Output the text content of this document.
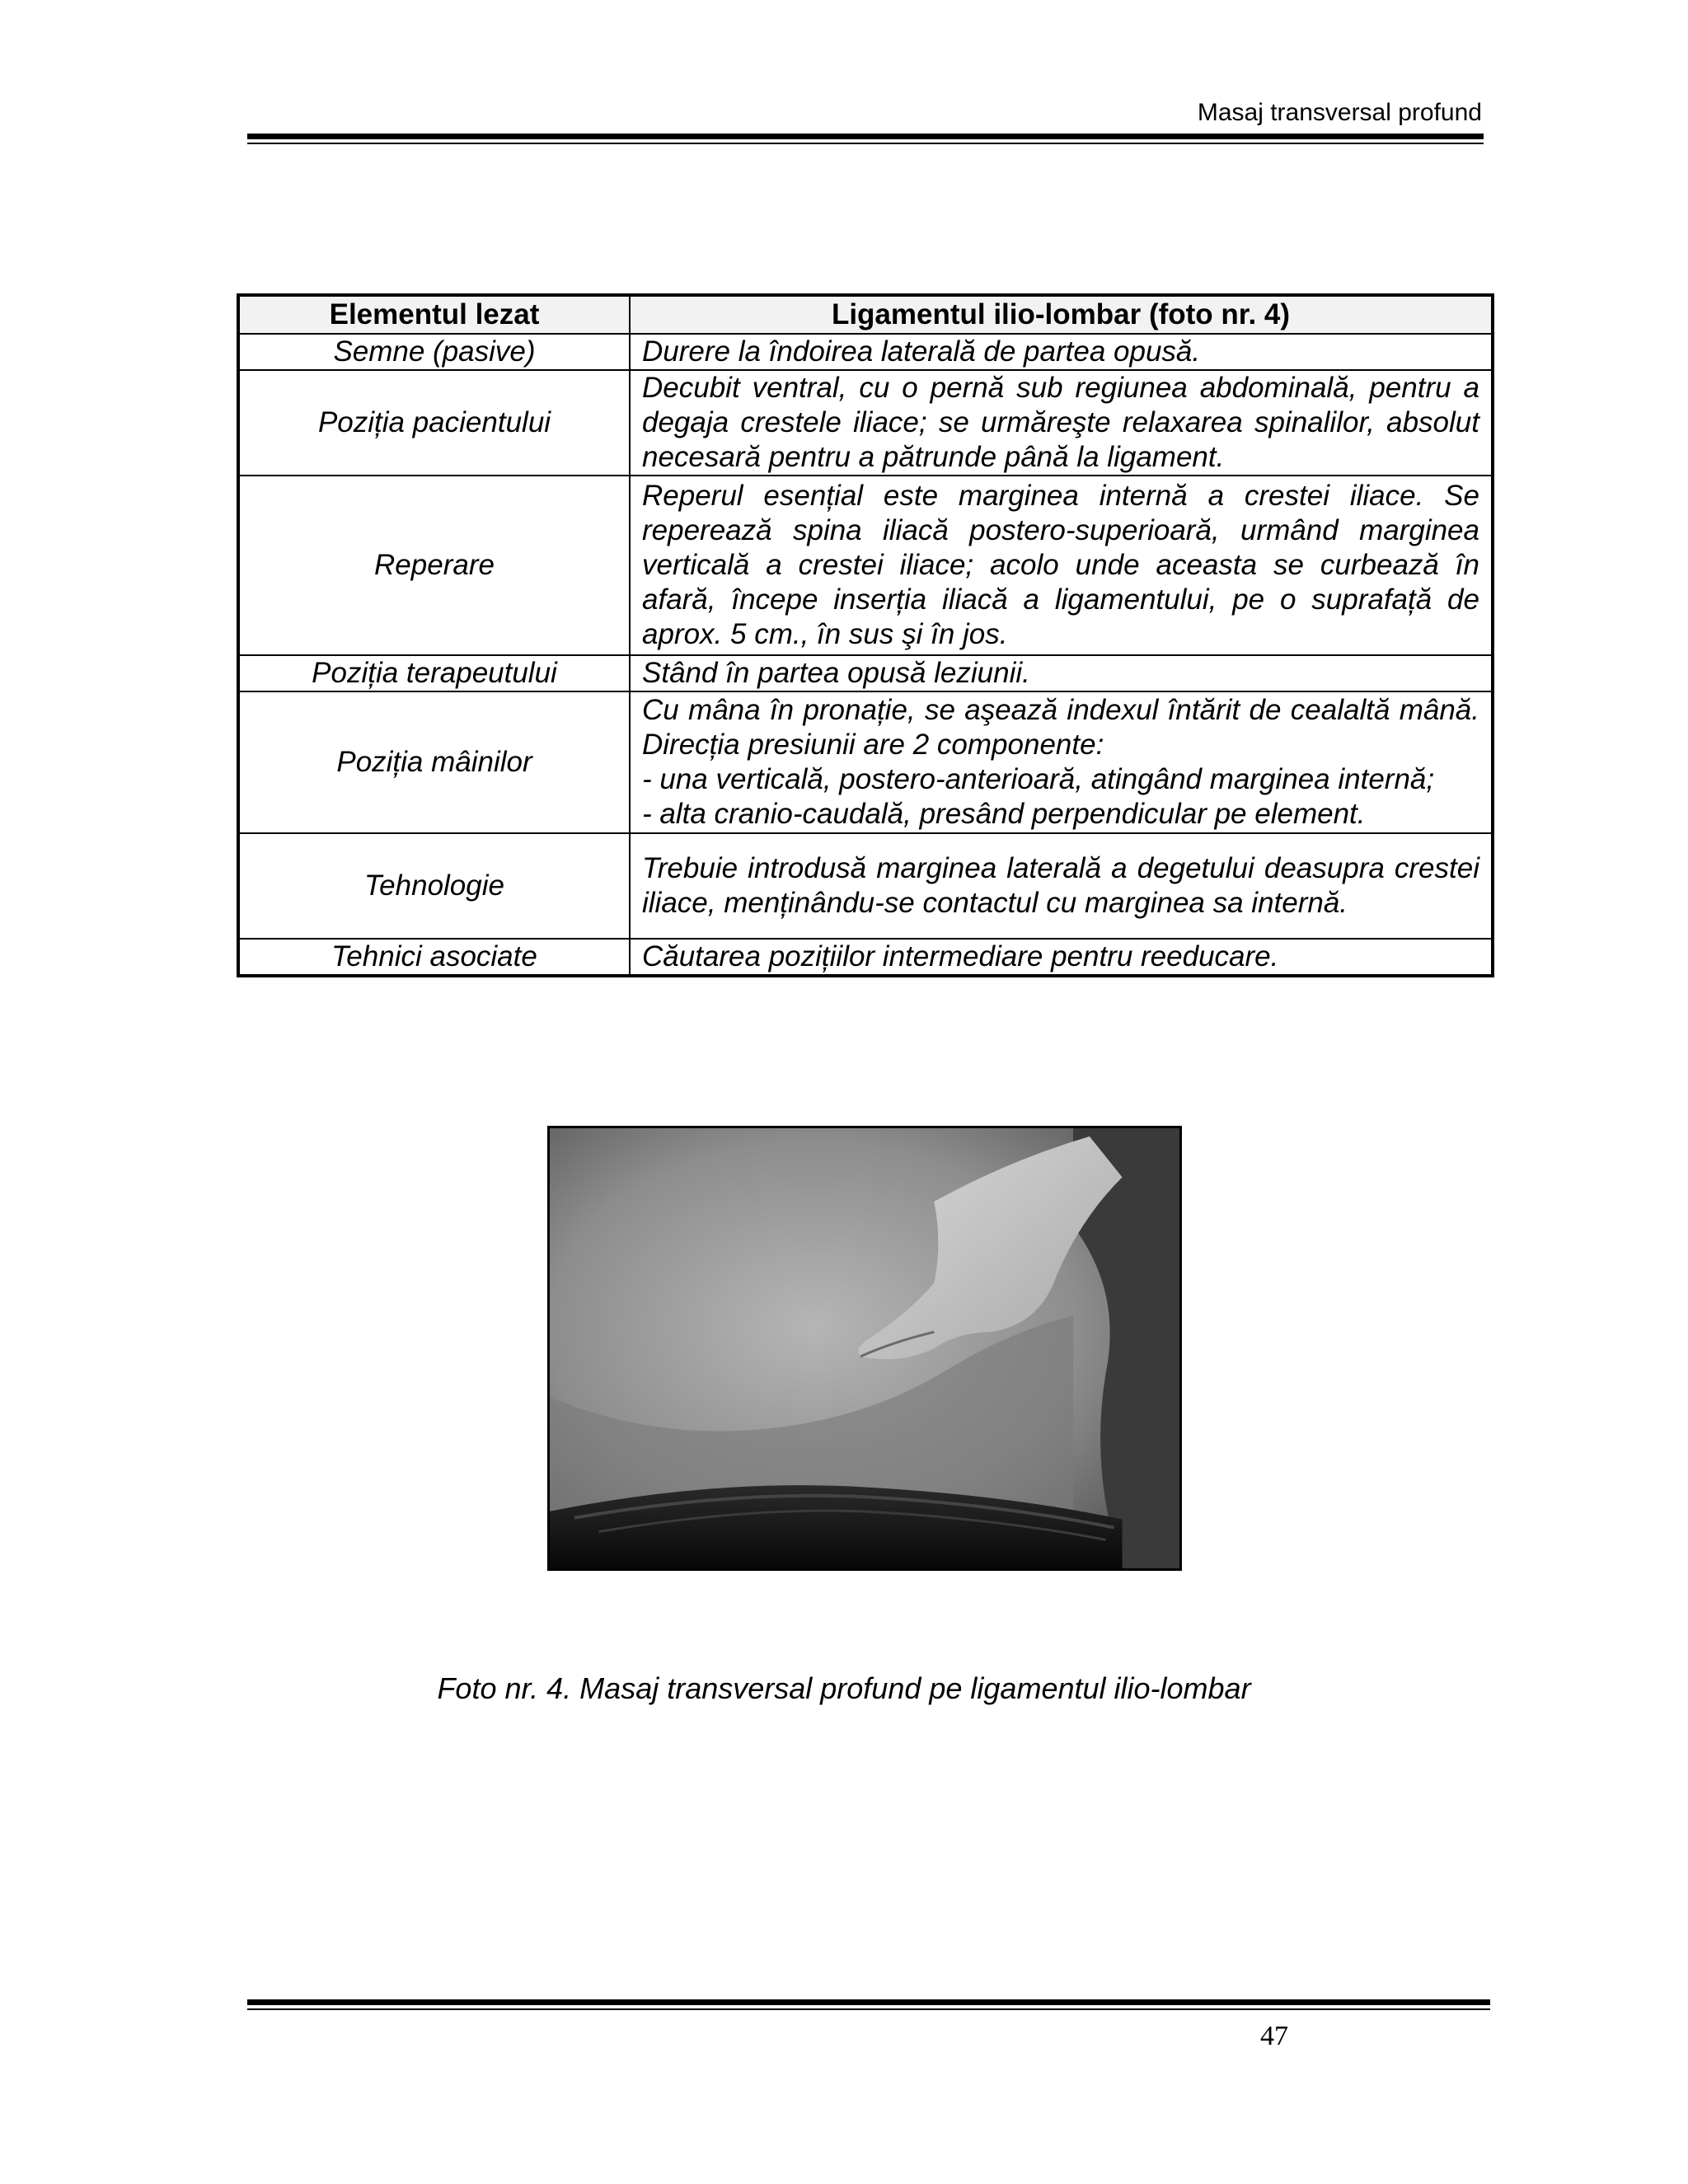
Masaj transversal profund
Elementul lezat	Ligamentul ilio-lombar (foto nr. 4)
Semne (pasive)	Durere la îndoirea laterală de partea opusă.

Poziția pacientului	Decubit ventral, cu o pernă sub regiunea abdominală, pentru a degaja crestele iliace; se urmăreşte relaxarea spinalilor, absolut necesară pentru a pătrunde până la ligament.

Reperare	Reperul esențial este marginea internă a crestei iliace. Se reperează spina iliacă postero-superioară, urmând marginea verticală a crestei iliace; acolo unde aceasta se curbează în afară, începe inserția iliacă a ligamentului, pe o suprafață de aprox. 5 cm., în sus şi în jos.

Poziția terapeutului	Stând în partea opusă leziunii.

Poziția mâinilor	Cu mâna în pronație, se aşează indexul întărit de cealaltă mână. Direcția presiunii are 2 componente:
- una verticală, postero-anterioară, atingând marginea internă;
- alta cranio-caudală, presând perpendicular pe element.

Tehnologie	Trebuie introdusă marginea laterală a degetului deasupra crestei iliace, menținându-se contactul cu marginea sa internă.

Tehnici asociate	Căutarea pozițiilor intermediare pentru reeducare.
Foto nr. 4. Masaj transversal profund pe ligamentul ilio-lombar
47
